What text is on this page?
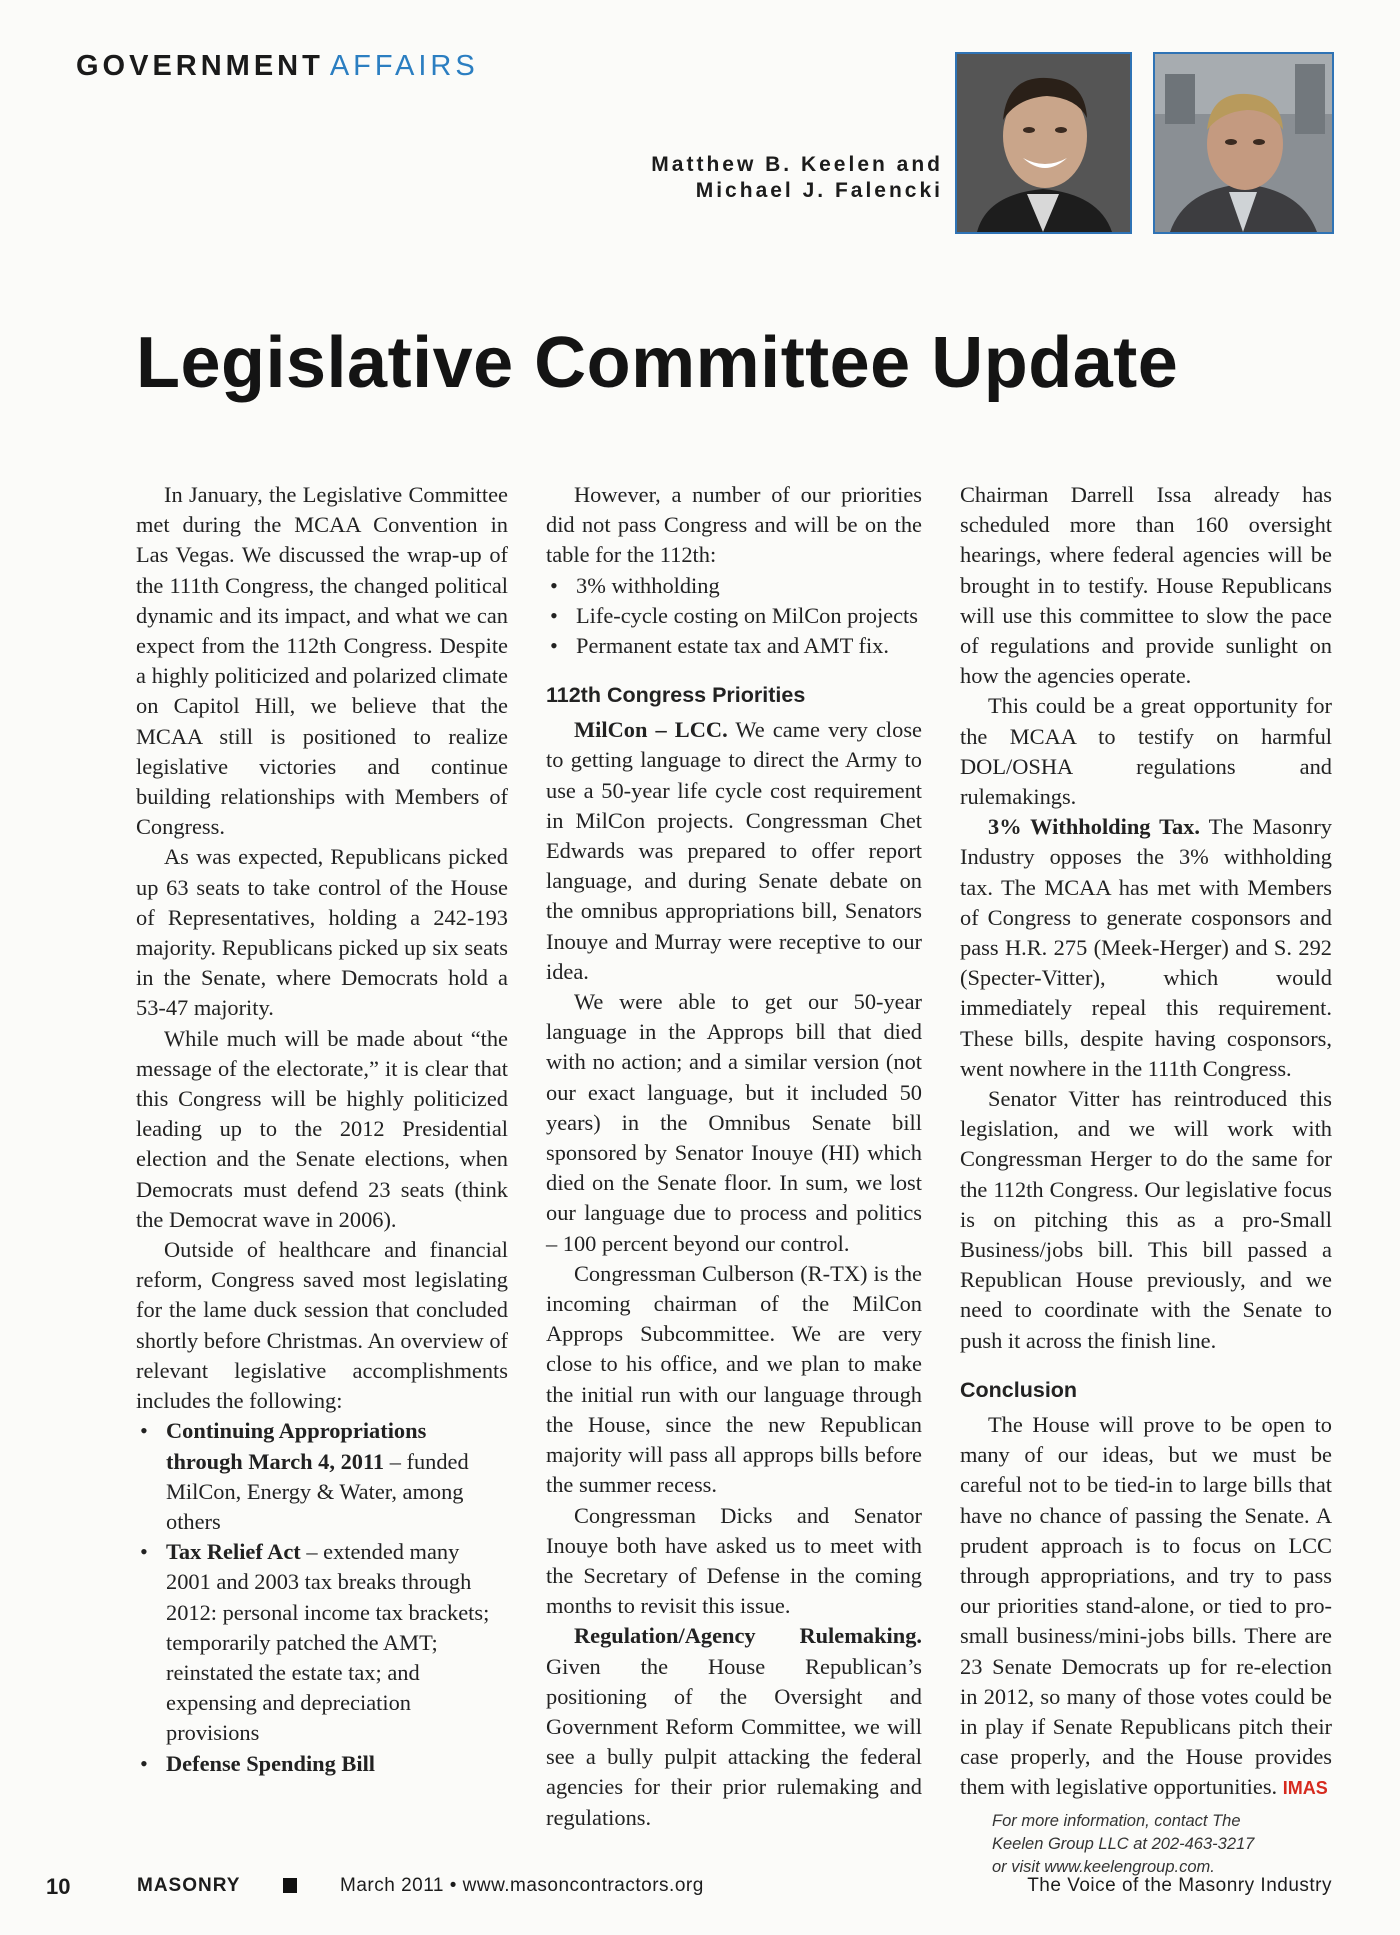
GOVERNMENT AFFAIRS
Matthew B. Keelen and
Michael J. Falencki
Legislative Committee Update

In January, the Legislative Committee met during the MCAA Convention in Las Vegas. We discussed the wrap-up of the 111th Congress, the changed political dynamic and its impact, and what we can expect from the 112th Congress. Despite a highly politicized and polarized climate on Capitol Hill, we believe that the MCAA still is positioned to realize legislative victories and continue building relationships with Members of Congress.

As was expected, Republicans picked up 63 seats to take control of the House of Representatives, holding a 242-193 majority. Republicans picked up six seats in the Senate, where Democrats hold a 53-47 majority.

While much will be made about “the message of the electorate,” it is clear that this Congress will be highly politicized leading up to the 2012 Presidential election and the Senate elections, when Democrats must defend 23 seats (think the Democrat wave in 2006).

Outside of healthcare and financial reform, Congress saved most legislating for the lame duck session that concluded shortly before Christmas. An overview of relevant legislative accomplishments includes the following:

• Continuing Appropriations through March 4, 2011 – funded MilCon, Energy & Water, among others
• Tax Relief Act – extended many 2001 and 2003 tax breaks through 2012: personal income tax brackets; temporarily patched the AMT; reinstated the estate tax; and expensing and depreciation provisions
• Defense Spending Bill

However, a number of our priorities did not pass Congress and will be on the table for the 112th:

• 3% withholding
• Life-cycle costing on MilCon projects
• Permanent estate tax and AMT fix.
112th Congress Priorities

MilCon – LCC. We came very close to getting language to direct the Army to use a 50-year life cycle cost requirement in MilCon projects. Congressman Chet Edwards was prepared to offer report language, and during Senate debate on the omnibus appropriations bill, Senators Inouye and Murray were receptive to our idea.

We were able to get our 50-year language in the Approps bill that died with no action; and a similar version (not our exact language, but it included 50 years) in the Omnibus Senate bill sponsored by Senator Inouye (HI) which died on the Senate floor. In sum, we lost our language due to process and politics – 100 percent beyond our control.

Congressman Culberson (R-TX) is the incoming chairman of the MilCon Approps Subcommittee. We are very close to his office, and we plan to make the initial run with our language through the House, since the new Republican majority will pass all approps bills before the summer recess.

Congressman Dicks and Senator Inouye both have asked us to meet with the Secretary of Defense in the coming months to revisit this issue.

Regulation/Agency Rulemaking. Given the House Republican’s positioning of the Oversight and Government Reform Committee, we will see a bully pulpit attacking the federal agencies for their prior rulemaking and regulations.

Chairman Darrell Issa already has scheduled more than 160 oversight hearings, where federal agencies will be brought in to testify. House Republicans will use this committee to slow the pace of regulations and provide sunlight on how the agencies operate.

This could be a great opportunity for the MCAA to testify on harmful DOL/OSHA regulations and rulemakings.

3% Withholding Tax. The Masonry Industry opposes the 3% withholding tax. The MCAA has met with Members of Congress to generate cosponsors and pass H.R. 275 (Meek-Herger) and S. 292 (Specter-Vitter), which would immediately repeal this requirement. These bills, despite having cosponsors, went nowhere in the 111th Congress.

Senator Vitter has reintroduced this legislation, and we will work with Congressman Herger to do the same for the 112th Congress. Our legislative focus is on pitching this as a pro-Small Business/jobs bill. This bill passed a Republican House previously, and we need to coordinate with the Senate to push it across the finish line.

Conclusion

The House will prove to be open to many of our ideas, but we must be careful not to be tied-in to large bills that have no chance of passing the Senate. A prudent approach is to focus on LCC through appropriations, and try to pass our priorities stand-alone, or tied to pro-small business/mini-jobs bills. There are 23 Senate Democrats up for re-election in 2012, so many of those votes could be in play if Senate Republicans pitch their case properly, and the House provides them with legislative opportunities. IMAS

For more information, contact The
Keelen Group LLC at 202-463-3217
or visit www.keelengroup.com.
10	MASONRY	March 2011 • www.masoncontractors.org	The Voice of the Masonry Industry
